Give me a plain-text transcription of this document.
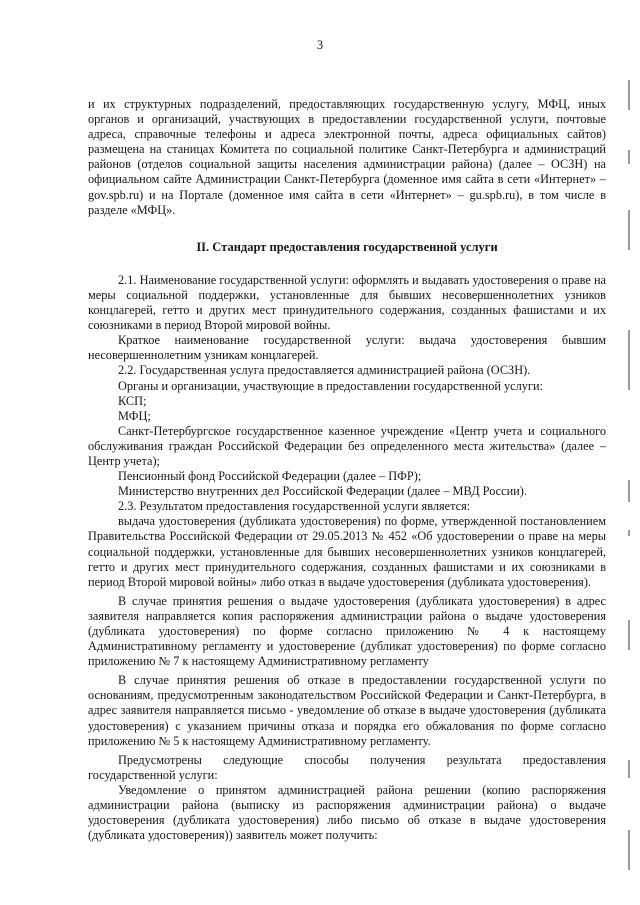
3

и их структурных подразделений, предоставляющих государственную услугу, МФЦ, иных органов и организаций, участвующих в предоставлении государственной услуги, почтовые адреса, справочные телефоны и адреса электронной почты, адреса официальных сайтов) размещена на станицах Комитета по социальной политике Санкт-Петербурга и администраций районов (отделов социальной защиты населения администрации района) (далее – ОСЗН) на официальном сайте Администрации Санкт-Петербурга (доменное имя сайта в сети «Интернет» – gov.spb.ru) и на Портале (доменное имя сайта в сети «Интернет» – gu.spb.ru), в том числе в разделе «МФЦ».

II. Стандарт предоставления государственной услуги

2.1. Наименование государственной услуги: оформлять и выдавать удостоверения о праве на меры социальной поддержки, установленные для бывших несовершеннолетних узников концлагерей, гетто и других мест принудительного содержания, созданных фашистами и их союзниками в период Второй мировой войны.

Краткое наименование государственной услуги: выдача удостоверения бывшим несовершеннолетним узникам концлагерей.

2.2. Государственная услуга предоставляется администрацией района (ОСЗН).

Органы и организации, участвующие в предоставлении государственной услуги:

КСП;

МФЦ;

Санкт-Петербургское государственное казенное учреждение «Центр учета и социального обслуживания граждан Российской Федерации без определенного места жительства» (далее – Центр учета);

Пенсионный фонд Российской Федерации (далее – ПФР);

Министерство внутренних дел Российской Федерации (далее – МВД России).

2.3. Результатом предоставления государственной услуги является:

выдача удостоверения (дубликата удостоверения) по форме, утвержденной постановлением Правительства Российской Федерации от 29.05.2013 № 452 «Об удостоверении о праве на меры социальной поддержки, установленные для бывших несовершеннолетних узников концлагерей, гетто и других мест принудительного содержания, созданных фашистами и их союзниками в период Второй мировой войны» либо отказ в выдаче удостоверения (дубликата удостоверения).

В случае принятия решения о выдаче удостоверения (дубликата удостоверения) в адрес заявителя направляется копия распоряжения администрации района о выдаче удостоверения (дубликата удостоверения) по форме согласно приложению № 4 к настоящему Административному регламенту и удостоверение (дубликат удостоверения) по форме согласно приложению № 7 к настоящему Административному регламенту

В случае принятия решения об отказе в предоставлении государственной услуги по основаниям, предусмотренным законодательством Российской Федерации и Санкт-Петербурга, в адрес заявителя направляется письмо - уведомление об отказе в выдаче удостоверения (дубликата удостоверения) с указанием причины отказа и порядка его обжалования по форме согласно приложению № 5 к настоящему Административному регламенту.

Предусмотрены следующие способы получения результата предоставления государственной услуги:

Уведомление о принятом администрацией района решении (копию распоряжения администрации района (выписку из распоряжения администрации района) о выдаче удостоверения (дубликата удостоверения) либо письмо об отказе в выдаче удостоверения (дубликата удостоверения)) заявитель может получить:
